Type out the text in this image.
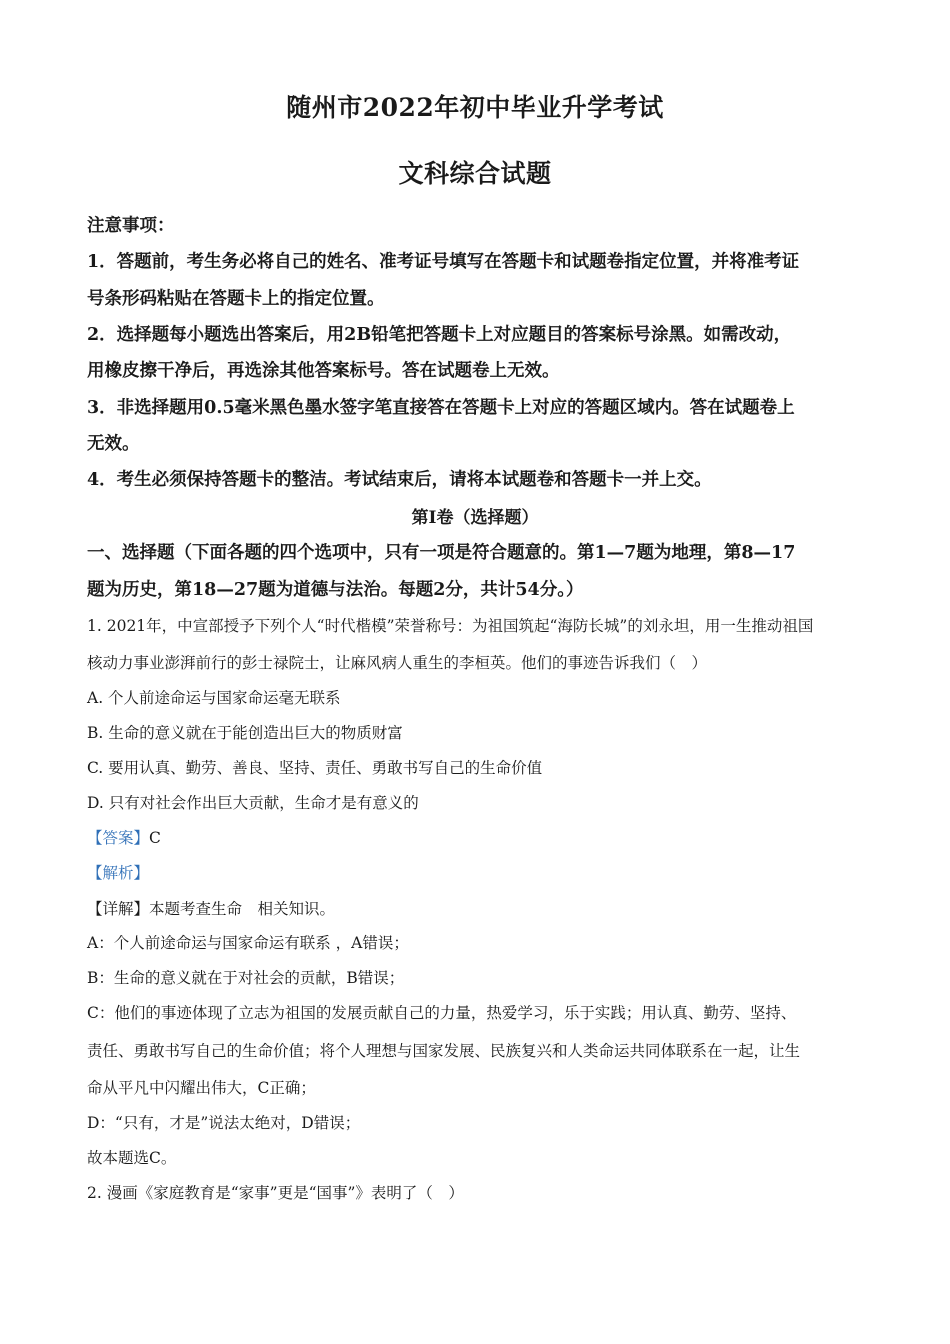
随州市2022年初中毕业升学考试
文科综合试题
注意事项：
1．答题前，考生务必将自己的姓名、准考证号填写在答题卡和试题卷指定位置，并将准考证
号条形码粘贴在答题卡上的指定位置。
2．选择题每小题选出答案后，用2B铅笔把答题卡上对应题目的答案标号涂黑。如需改动，
用橡皮擦干净后，再选涂其他答案标号。答在试题卷上无效。
3．非选择题用0.5毫米黑色墨水签字笔直接答在答题卡上对应的答题区域内。答在试题卷上
无效。
4．考生必须保持答题卡的整洁。考试结束后，请将本试题卷和答题卡一并上交。
第I卷（选择题）
一、选择题（下面各题的四个选项中，只有一项是符合题意的。第1—7题为地理，第8—17
题为历史，第18—27题为道德与法治。每题2分，共计54分。）
1. 2021年，中宣部授予下列个人“时代楷模”荣誉称号：为祖国筑起“海防长城”的刘永坦，用一生推动祖国
核动力事业澎湃前行的彭士禄院士，让麻风病人重生的李桓英。他们的事迹告诉我们（　）
A. 个人前途命运与国家命运毫无联系
B. 生命的意义就在于能创造出巨大的物质财富
C. 要用认真、勤劳、善良、坚持、责任、勇敢书写自己的生命价值
D. 只有对社会作出巨大贡献，生命才是有意义的
【答案】C
【解析】
【详解】本题考查生命　相关知识。
A：个人前途命运与国家命运有联系 ，A错误；
B：生命的意义就在于对社会的贡献，B错误；
C：他们的事迹体现了立志为祖国的发展贡献自己的力量，热爱学习，乐于实践；用认真、勤劳、坚持、
责任、勇敢书写自己的生命价值；将个人理想与国家发展、民族复兴和人类命运共同体联系在一起，让生
命从平凡中闪耀出伟大，C正确；
D：“只有，才是”说法太绝对，D错误；
故本题选C。
2. 漫画《家庭教育是“家事”更是“国事”》表明了（　）
